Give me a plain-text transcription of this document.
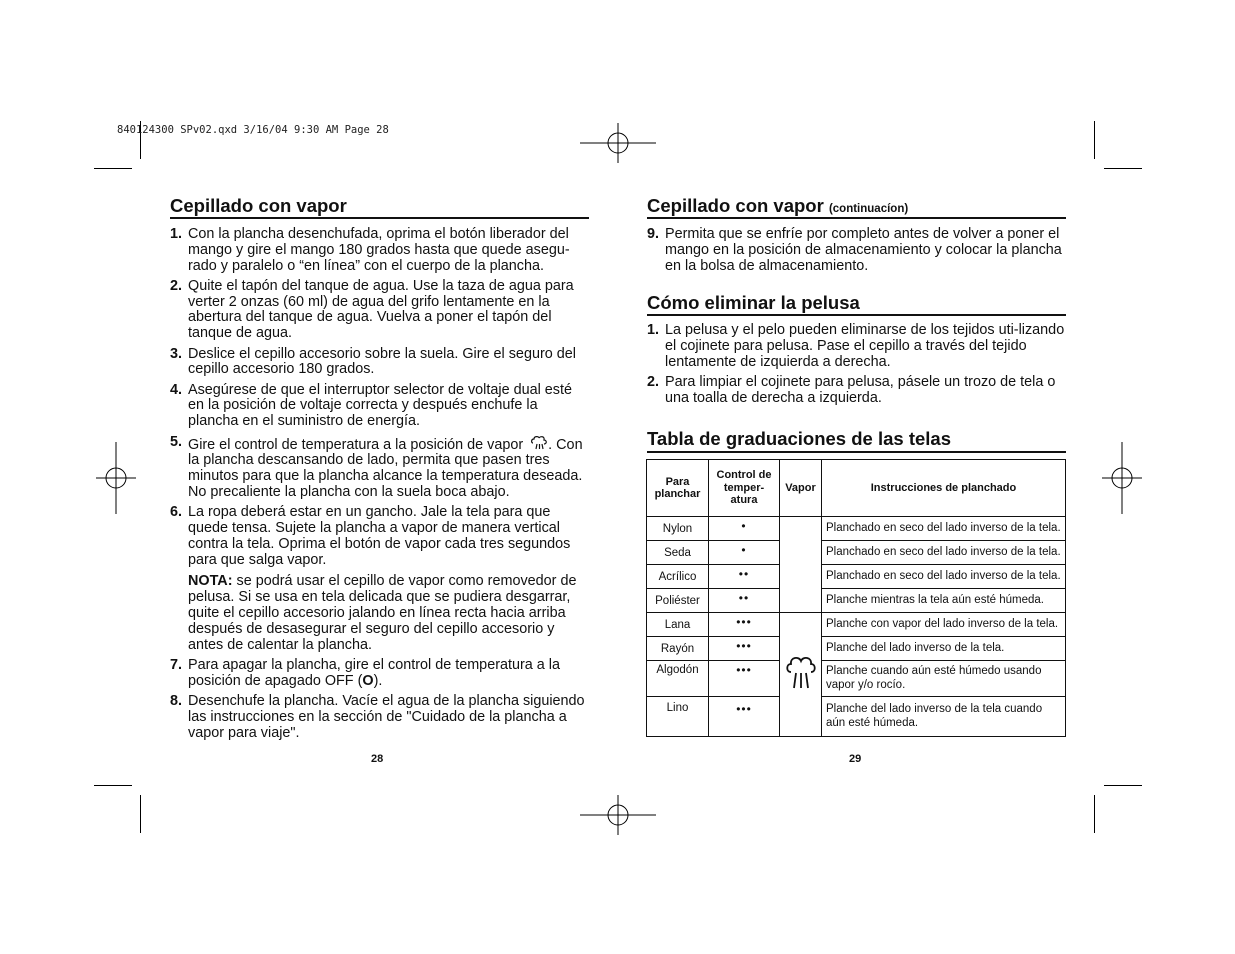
840124300 SPv02.qxd 3/16/04 9:30 AM Page 28
Cepillado con vapor
1. Con la plancha desenchufada, oprima el botón liberador del mango y gire el mango 180 grados hasta que quede asegu-rado y paralelo o “en línea” con el cuerpo de la plancha.
2. Quite el tapón del tanque de agua. Use la taza de agua para verter 2 onzas (60 ml) de agua del grifo lentamente en la abertura del tanque de agua. Vuelva a poner el tapón del tanque de agua.
3. Deslice el cepillo accesorio sobre la suela. Gire el seguro del cepillo accesorio 180 grados.
4. Asegúrese de que el interruptor selector de voltaje dual esté en la posición de voltaje correcta y después enchufe la plancha en el suministro de energía.
5. Gire el control de temperatura a la posición de vapor . Con la plancha descansando de lado, permita que pasen tres minutos para que la plancha alcance la temperatura deseada. No precaliente la plancha con la suela boca abajo.
6. La ropa deberá estar en un gancho. Jale la tela para que quede tensa. Sujete la plancha a vapor de manera vertical contra la tela. Oprima el botón de vapor cada tres segundos para que salga vapor.
NOTA: se podrá usar el cepillo de vapor como removedor de pelusa. Si se usa en tela delicada que se pudiera desgarrar, quite el cepillo accesorio jalando en línea recta hacia arriba después de desasegurar el seguro del cepillo accesorio y antes de calentar la plancha.
7. Para apagar la plancha, gire el control de temperatura a la posición de apagado OFF (O).
8. Desenchufe la plancha. Vacíe el agua de la plancha siguiendo las instrucciones en la sección de "Cuidado de la plancha a vapor para viaje".
28
Cepillado con vapor (continuacíon)
9. Permita que se enfríe por completo antes de volver a poner el mango en la posición de almacenamiento y colocar la plancha en la bolsa de almacenamiento.
Cómo eliminar la pelusa
1. La pelusa y el pelo pueden eliminarse de los tejidos uti-lizando el cojinete para pelusa. Pase el cepillo a través del tejido lentamente de izquierda a derecha.
2. Para limpiar el cojinete para pelusa, pásele un trozo de tela o una toalla de derecha a izquierda.
Tabla de graduaciones de las telas
Para planchar	Control de temper-atura	Vapor	Instrucciones de planchado
Nylon	•		Planchado en seco del lado inverso de la tela.
Seda	•		Planchado en seco del lado inverso de la tela.
Acrílico	••		Planchado en seco del lado inverso de la tela.
Poliéster	••		Planche mientras la tela aún esté húmeda.
Lana	•••		Planche con vapor del lado inverso de la tela.
Rayón	•••		Planche del lado inverso de la tela.
Algodón	•••		Planche cuando aún esté húmedo usando vapor y/o rocío.
Lino	•••		Planche del lado inverso de la tela cuando aún esté húmeda.
29
